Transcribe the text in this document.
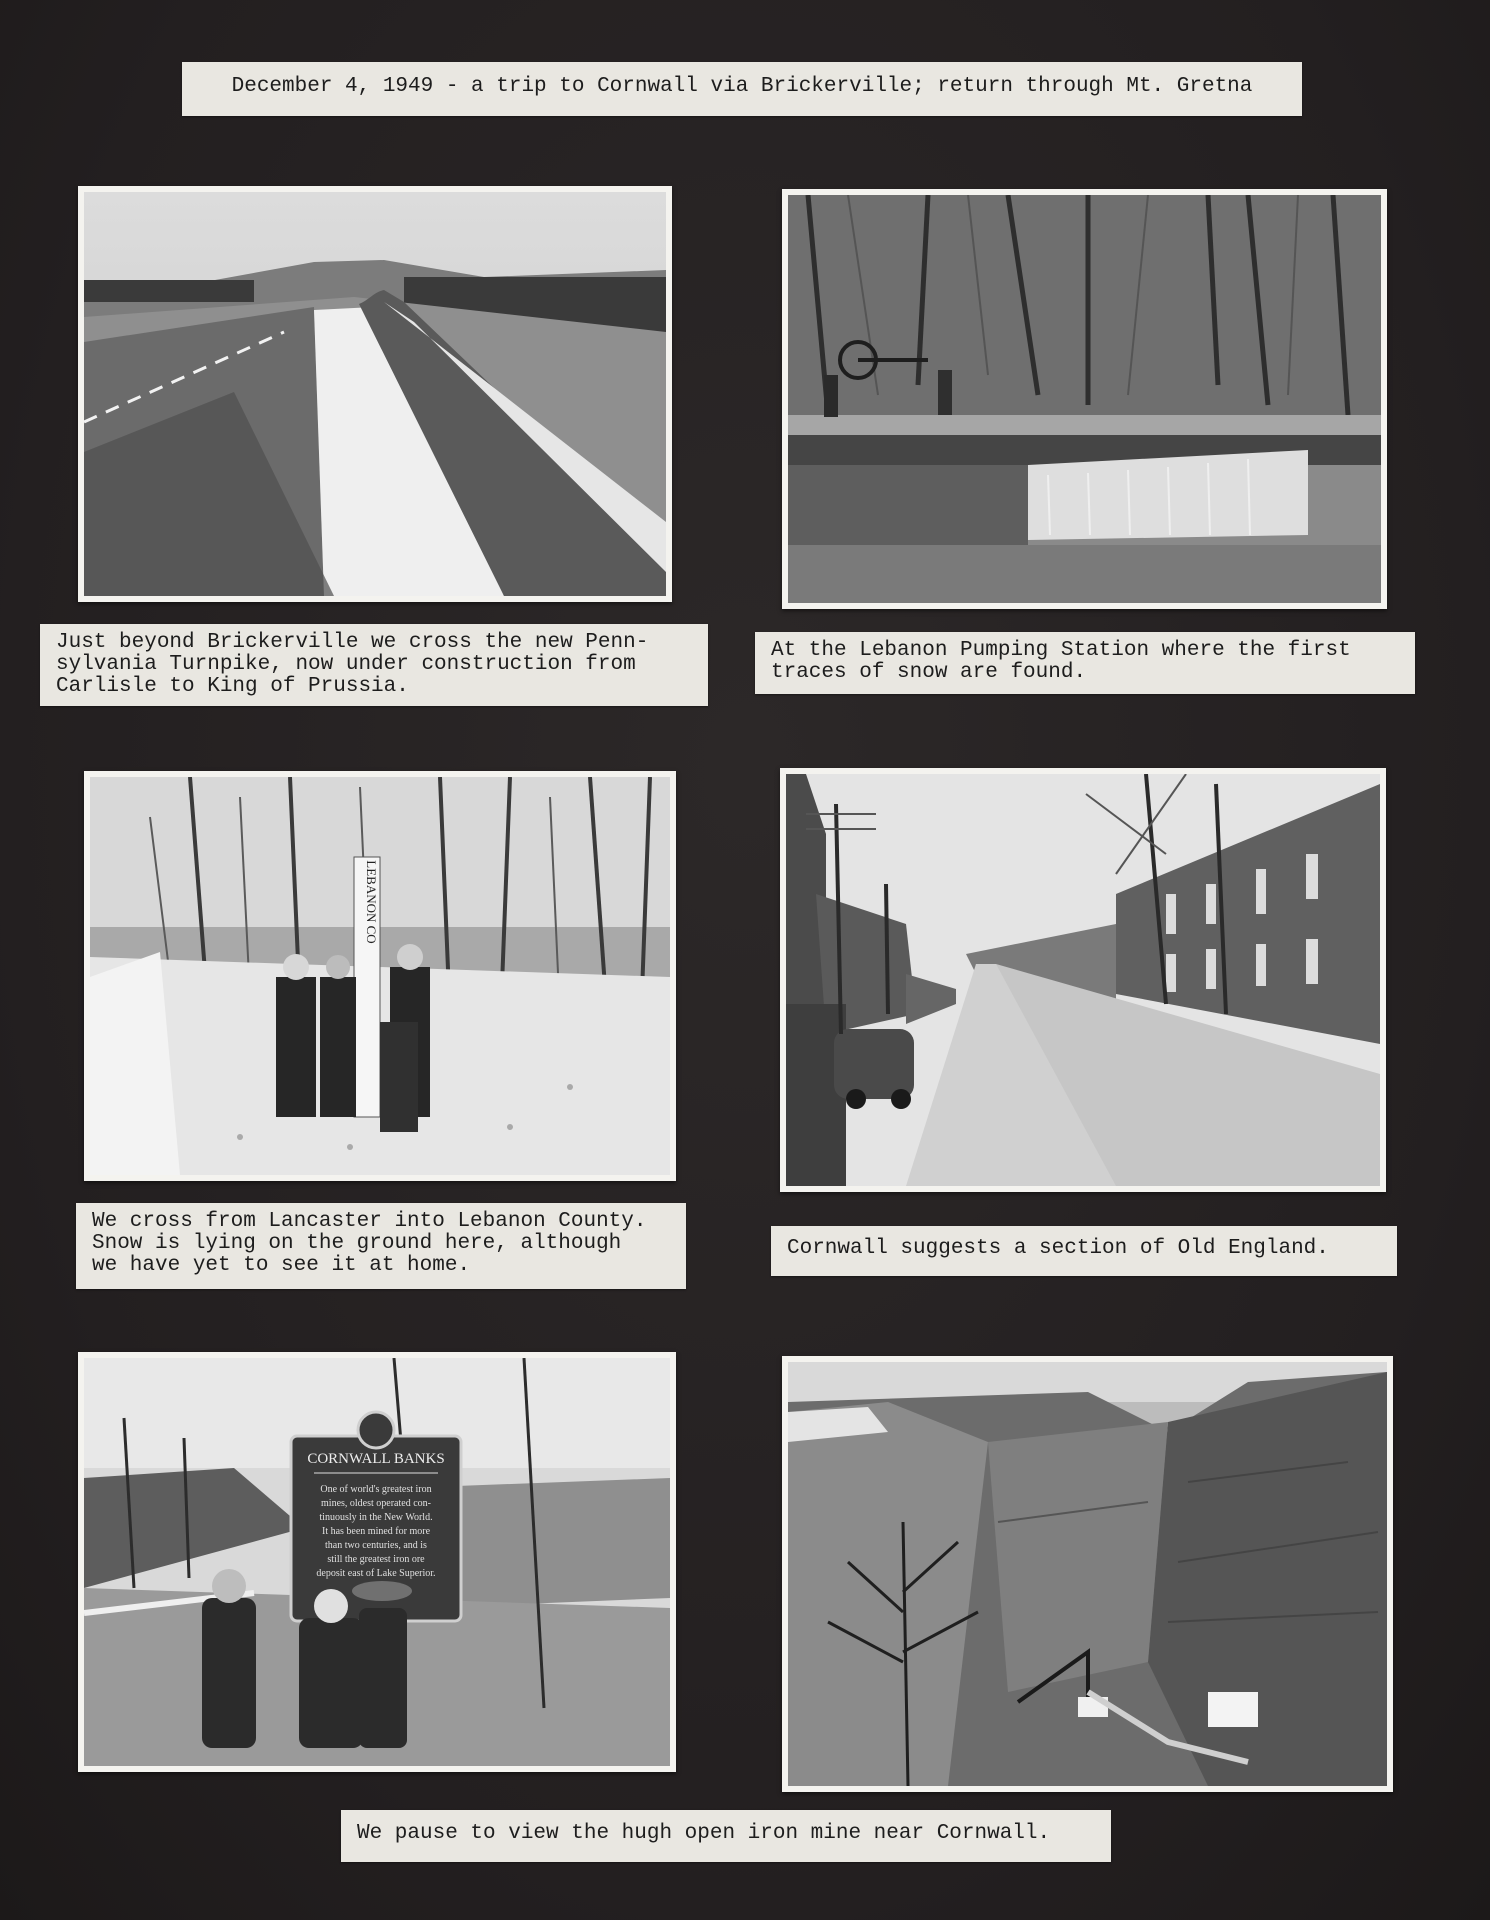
December 4, 1949 - a trip to Cornwall via Brickerville; return through Mt. Gretna
Just beyond Brickerville we cross the new Penn-
sylvania Turnpike, now under construction from
Carlisle to King of Prussia.
At the Lebanon Pumping Station where the first
traces of snow are found.
LEBANON CO
We cross from Lancaster into Lebanon County.
Snow is lying on the ground here, although
we have yet to see it at home.
Cornwall suggests a section of Old England.
CORNWALL BANKS
One of world's greatest iron
mines, oldest operated con-
tinuously in the New World.
It has been mined for more
than two centuries, and is
still the greatest iron ore
deposit east of Lake Superior.
We pause to view the hugh open iron mine near Cornwall.
